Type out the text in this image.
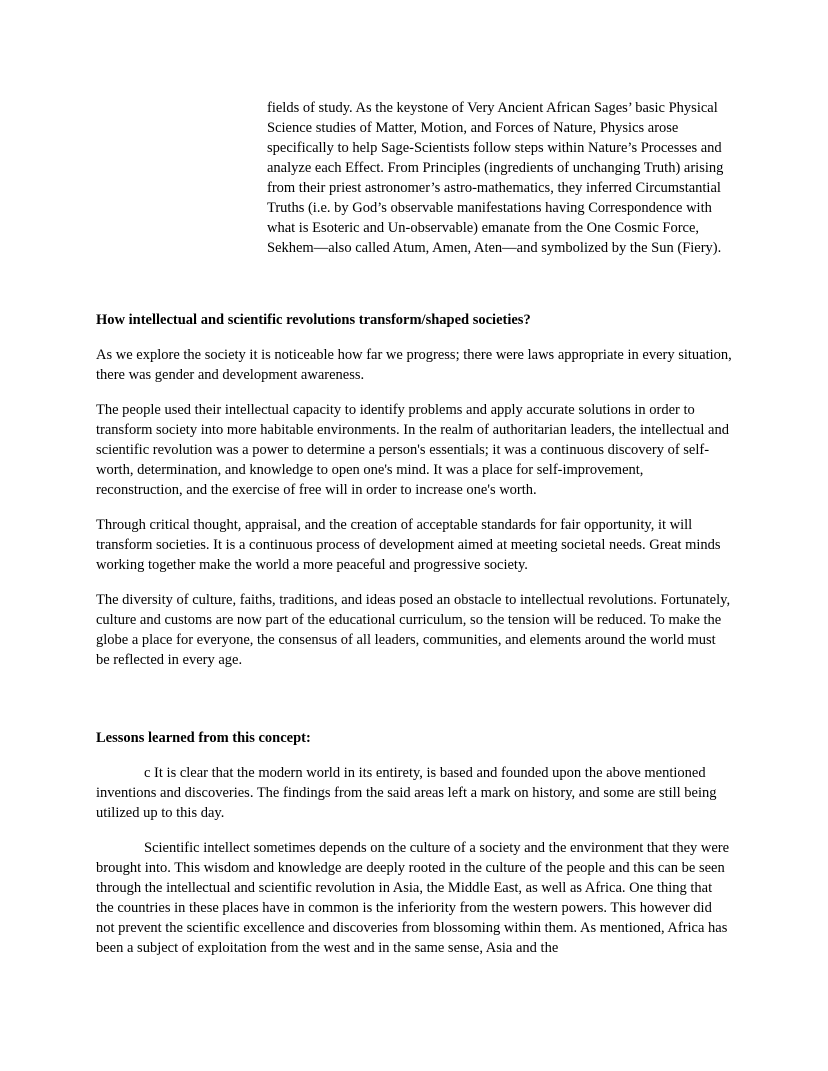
fields of study. As the keystone of Very Ancient African Sages’ basic Physical Science studies of Matter, Motion, and Forces of Nature, Physics arose specifically to help Sage-Scientists follow steps within Nature’s Processes and analyze each Effect. From Principles (ingredients of unchanging Truth) arising from their priest astronomer’s astro-mathematics, they inferred Circumstantial Truths (i.e. by God’s observable manifestations having Correspondence with what is Esoteric and Un-observable) emanate from the One Cosmic Force, Sekhem—also called Atum, Amen, Aten—and symbolized by the Sun (Fiery).

How intellectual and scientific revolutions transform/shaped societies?

As we explore the society it is noticeable how far we progress; there were laws appropriate in every situation, there was gender and development awareness.

The people used their intellectual capacity to identify problems and apply accurate solutions in order to transform society into more habitable environments. In the realm of authoritarian leaders, the intellectual and scientific revolution was a power to determine a person's essentials; it was a continuous discovery of self-worth, determination, and knowledge to open one's mind. It was a place for self-improvement, reconstruction, and the exercise of free will in order to increase one's worth.

Through critical thought, appraisal, and the creation of acceptable standards for fair opportunity, it will transform societies. It is a continuous process of development aimed at meeting societal needs. Great minds working together make the world a more peaceful and progressive society.

The diversity of culture, faiths, traditions, and ideas posed an obstacle to intellectual revolutions. Fortunately, culture and customs are now part of the educational curriculum, so the tension will be reduced. To make the globe a place for everyone, the consensus of all leaders, communities, and elements around the world must be reflected in every age.

Lessons learned from this concept:

c It is clear that the modern world in its entirety, is based and founded upon the above mentioned inventions and discoveries. The findings from the said areas left a mark on history, and some are still being utilized up to this day.

Scientific intellect sometimes depends on the culture of a society and the environment that they were brought into. This wisdom and knowledge are deeply rooted in the culture of the people and this can be seen through the intellectual and scientific revolution in Asia, the Middle East, as well as Africa. One thing that the countries in these places have in common is the inferiority from the western powers. This however did not prevent the scientific excellence and discoveries from blossoming within them. As mentioned, Africa has been a subject of exploitation from the west and in the same sense, Asia and the
